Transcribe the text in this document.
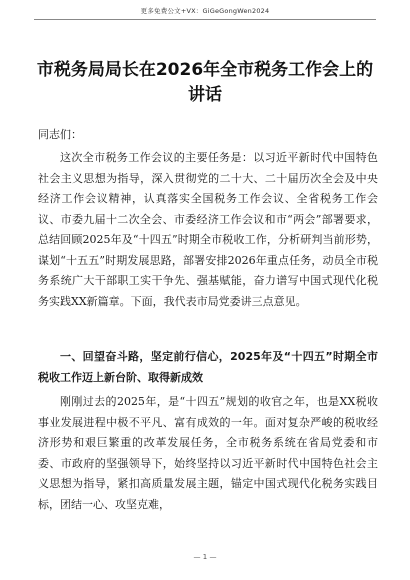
更多免费公文+VX：GiGeGongWen2024
市税务局局长在2026年全市税务工作会上的讲话
同志们：

这次全市税务工作会议的主要任务是：以习近平新时代中国特色社会主义思想为指导，深入贯彻党的二十大、二十届历次全会及中央经济工作会议精神，认真落实全国税务工作会议、全省税务工作会议、市委九届十二次全会、市委经济工作会议和市“两会”部署要求，总结回顾2025年及“十四五”时期全市税收工作，分析研判当前形势，谋划“十五五”时期发展思路，部署安排2026年重点任务，动员全市税务系统广大干部职工实干争先、强基赋能，奋力谱写中国式现代化税务实践XX新篇章。下面，我代表市局党委讲三点意见。

一、回望奋斗路，坚定前行信心，2025年及“十四五”时期全市税收工作迈上新台阶、取得新成效

刚刚过去的2025年，是“十四五”规划的收官之年，也是XX税收事业发展进程中极不平凡、富有成效的一年。面对复杂严峻的税收经济形势和艰巨繁重的改革发展任务，全市税务系统在省局党委和市委、市政府的坚强领导下，始终坚持以习近平新时代中国特色社会主义思想为指导，紧扣高质量发展主题，锚定中国式现代化税务实践目标，团结一心、攻坚克难，

— 1 —
